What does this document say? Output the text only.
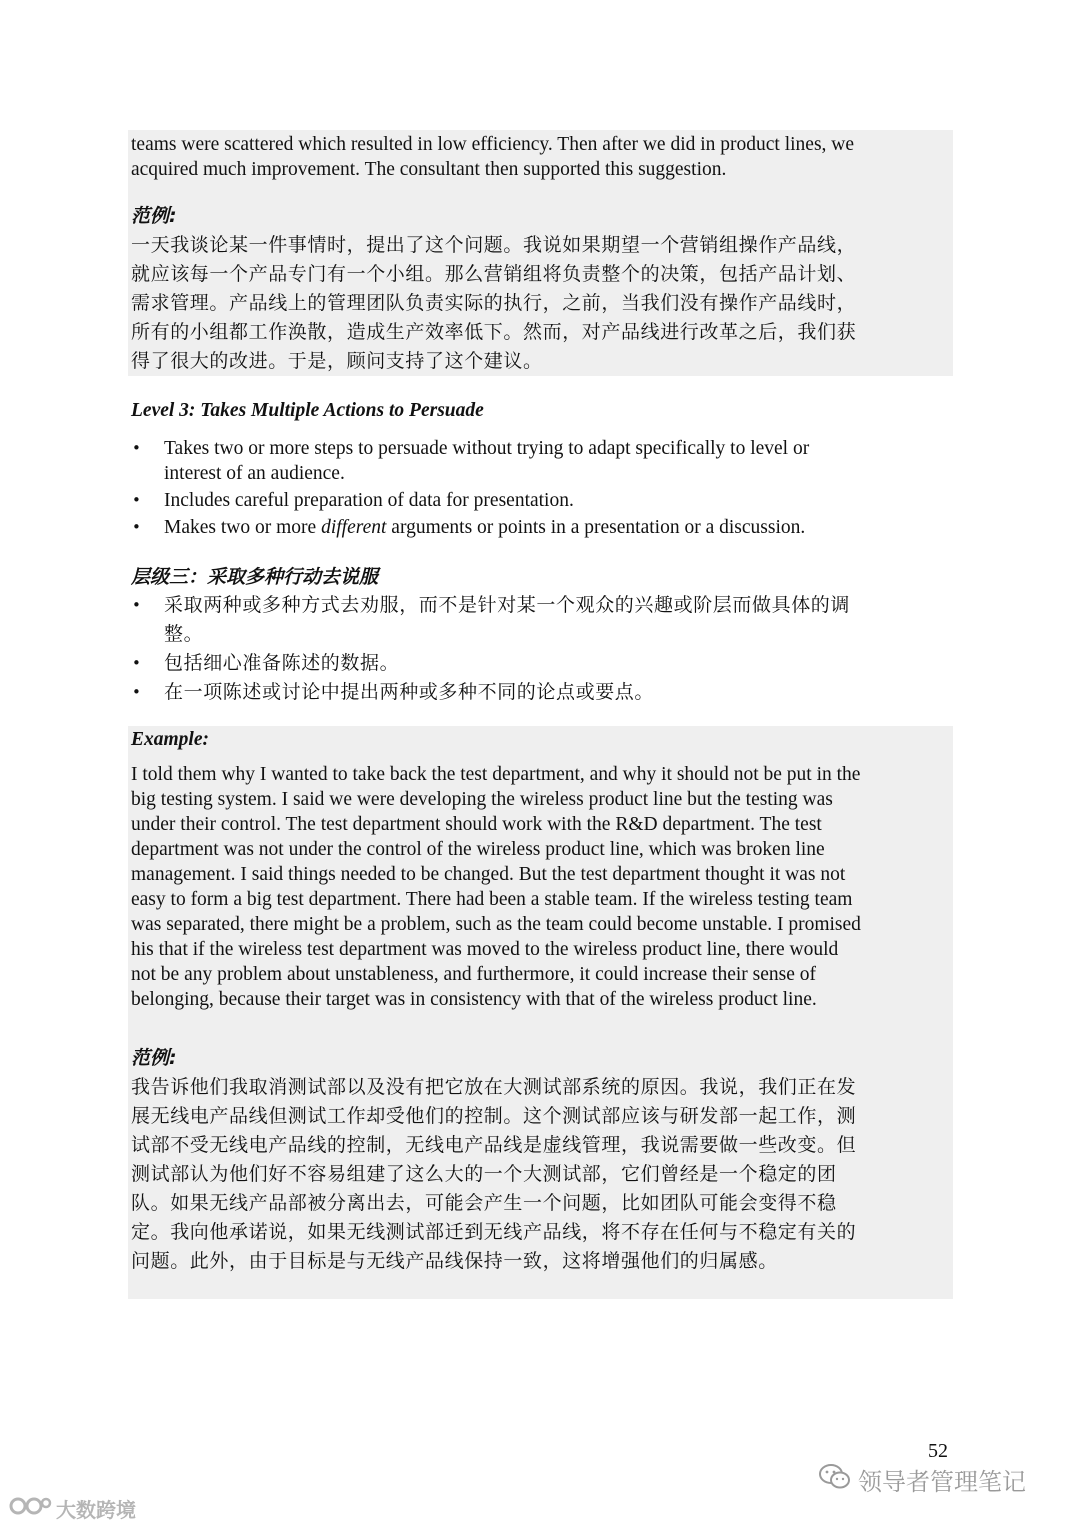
teams were scattered which resulted in low efficiency. Then after we did in product lines, we

acquired much improvement. The consultant then supported this suggestion.

范例:

一天我谈论某一件事情时，提出了这个问题。我说如果期望一个营销组操作产品线，

就应该每一个产品专门有一个小组。那么营销组将负责整个的决策，包括产品计划、

需求管理。产品线上的管理团队负责实际的执行，之前，当我们没有操作产品线时，

所有的小组都工作涣散，造成生产效率低下。然而，对产品线进行改革之后，我们获

得了很大的改进。于是，顾问支持了这个建议。

Level 3: Takes Multiple Actions to Persuade

• Takes two or more steps to persuade without trying to adapt specifically to level or
interest of an audience.
• Includes careful preparation of data for presentation.
• Makes two or more different arguments or points in a presentation or a discussion.

层级三：采取多种行动去说服

• 采取两种或多种方式去劝服，而不是针对某一个观众的兴趣或阶层而做具体的调
整。
• 包括细心准备陈述的数据。
• 在一项陈述或讨论中提出两种或多种不同的论点或要点。

Example:

I told them why I wanted to take back the test department, and why it should not be put in the

big testing system. I said we were developing the wireless product line but the testing was

under their control. The test department should work with the R&D department. The test

department was not under the control of the wireless product line, which was broken line

management. I said things needed to be changed. But the test department thought it was not

easy to form a big test department. There had been a stable team. If the wireless testing team

was separated, there might be a problem, such as the team could become unstable. I promised

his that if the wireless test department was moved to the wireless product line, there would

not be any problem about unstableness, and furthermore, it could increase their sense of

belonging, because their target was in consistency with that of the wireless product line.

范例:

我告诉他们我取消测试部以及没有把它放在大测试部系统的原因。我说，我们正在发

展无线电产品线但测试工作却受他们的控制。这个测试部应该与研发部一起工作，测

试部不受无线电产品线的控制，无线电产品线是虚线管理，我说需要做一些改变。但

测试部认为他们好不容易组建了这么大的一个大测试部，它们曾经是一个稳定的团

队。如果无线产品部被分离出去，可能会产生一个问题，比如团队可能会变得不稳

定。我向他承诺说，如果无线测试部迁到无线产品线，将不存在任何与不稳定有关的

问题。此外，由于目标是与无线产品线保持一致，这将增强他们的归属感。

52
领导者管理笔记
大数跨境
